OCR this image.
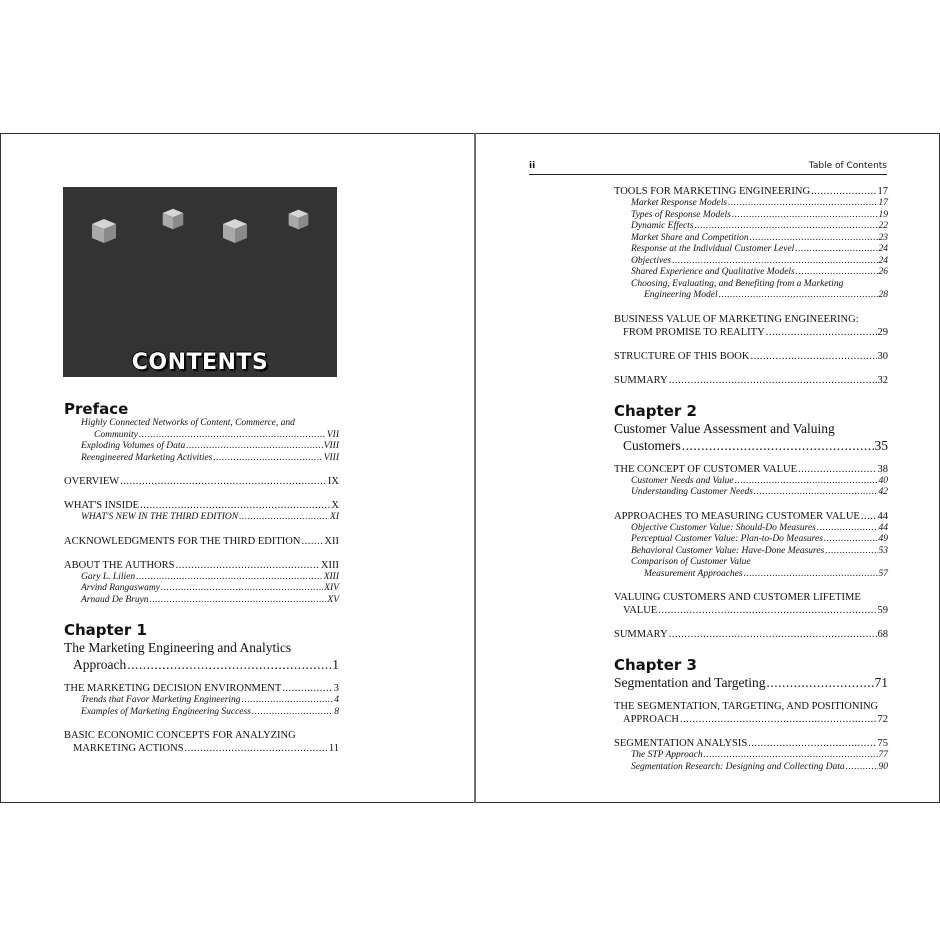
CONTENTS
Preface
Highly Connected Networks of Content, Commerce, and
Community .....	VII
Exploding Volumes of Data .....	VIII
Reengineered Marketing Activities .....	VIII
OVERVIEW .....	IX
WHAT'S INSIDE .....	X
WHAT'S NEW IN THE THIRD EDITION .....	XI
ACKNOWLEDGMENTS FOR THE THIRD EDITION ..... XII
ABOUT THE AUTHORS .....	XIII
Gary L. Lilien .....	XIII
Arvind Rangaswamy .....	XIV
Arnaud De Bruyn .....	XV
Chapter 1
The Marketing Engineering and Analytics
Approach .....	1
THE MARKETING DECISION ENVIRONMENT .....	3
Trends that Favor Marketing Engineering .....	4
Examples of Marketing Engineering Success .....	8
BASIC ECONOMIC CONCEPTS FOR ANALYZING
MARKETING ACTIONS .....	11
ii	Table of Contents
TOOLS FOR MARKETING ENGINEERING .....	17
Market Response Models .....	17
Types of Response Models .....	19
Dynamic Effects .....	22
Market Share and Competition .....	23
Response at the Individual Customer Level .....	24
Objectives .....	24
Shared Experience and Qualitative Models .....	26
Choosing, Evaluating, and Benefiting from a Marketing
Engineering Model .....	28
BUSINESS VALUE OF MARKETING ENGINEERING:
FROM PROMISE TO REALITY .....	29
STRUCTURE OF THIS BOOK .....	30
SUMMARY .....	32
Chapter 2
Customer Value Assessment and Valuing
Customers .....	35
THE CONCEPT OF CUSTOMER VALUE .....	38
Customer Needs and Value .....	40
Understanding Customer Needs .....	42
APPROACHES TO MEASURING CUSTOMER VALUE ..... 44
Objective Customer Value: Should-Do Measures .....	44
Perceptual Customer Value: Plan-to-Do Measures .....	49
Behavioral Customer Value: Have-Done Measures .....	53
Comparison of Customer Value
Measurement Approaches .....	57
VALUING CUSTOMERS AND CUSTOMER LIFETIME
VALUE .....	59
SUMMARY .....	68
Chapter 3
Segmentation and Targeting .....	71
THE SEGMENTATION, TARGETING, AND POSITIONING
APPROACH .....	72
SEGMENTATION ANALYSIS .....	75
The STP Approach .....	77
Segmentation Research: Designing and Collecting Data .....	90
